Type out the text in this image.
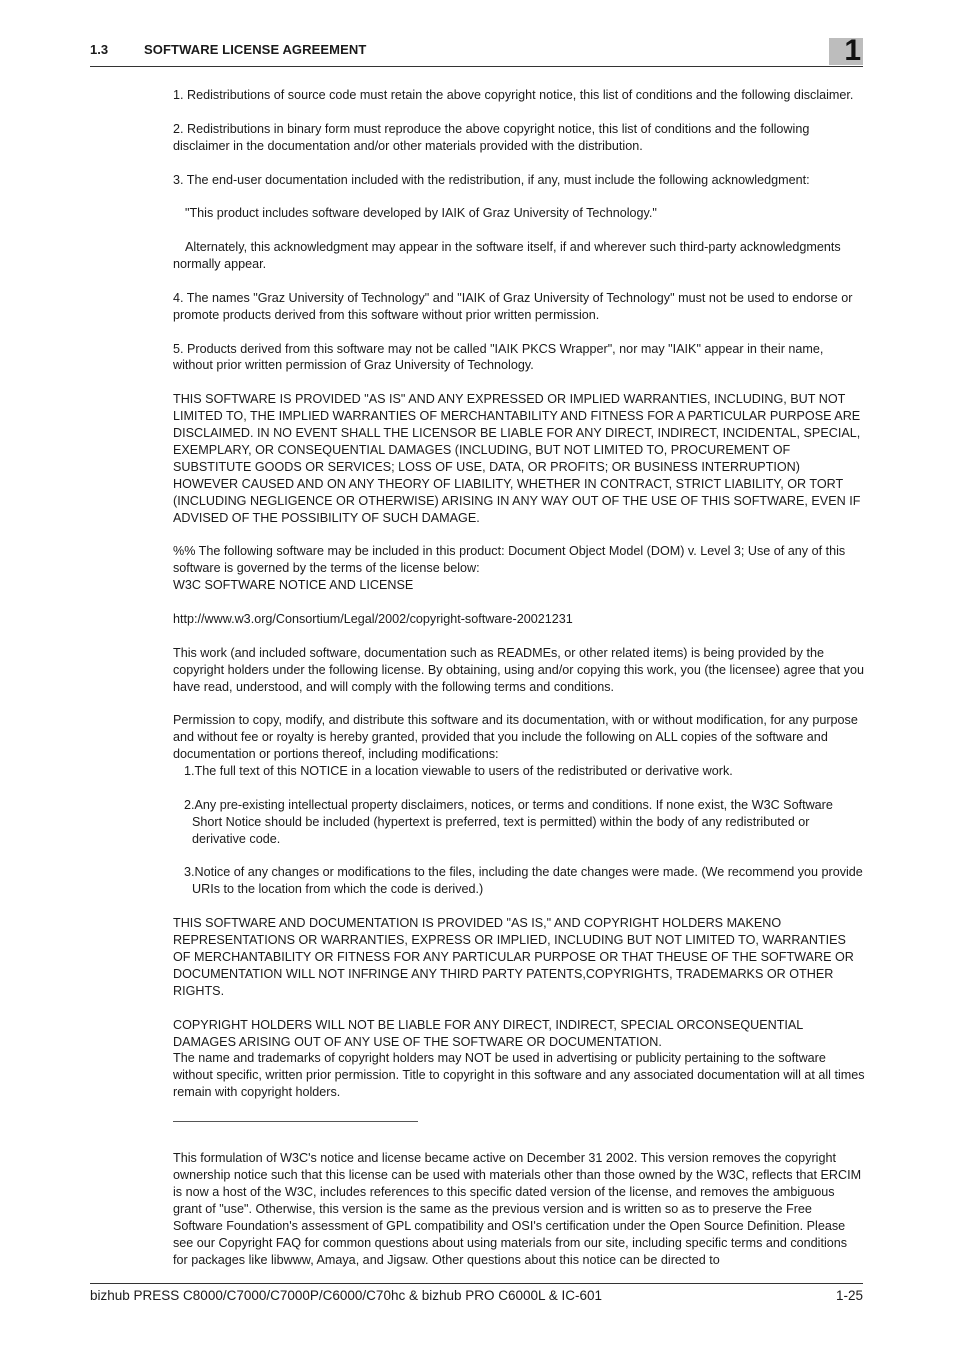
1.3	SOFTWARE LICENSE AGREEMENT	1

1. Redistributions of source code must retain the above copyright notice, this list of conditions and the following disclaimer.

2. Redistributions in binary form must reproduce the above copyright notice, this list of conditions and the following disclaimer in the documentation and/or other materials provided with the distribution.

3. The end-user documentation included with the redistribution, if any, must include the following acknowledgment:

"This product includes software developed by IAIK of Graz University of Technology."

Alternately, this acknowledgment may appear in the software itself, if and wherever such third-party acknowledgments normally appear.

4. The names "Graz University of Technology" and "IAIK of Graz University of Technology" must not be used to endorse or promote products derived from this software without prior written permission.

5. Products derived from this software may not be called "IAIK PKCS Wrapper", nor may "IAIK" appear in their name, without prior written permission of Graz University of Technology.

THIS SOFTWARE IS PROVIDED "AS IS" AND ANY EXPRESSED OR IMPLIED WARRANTIES, INCLUDING, BUT NOT LIMITED TO, THE IMPLIED WARRANTIES OF MERCHANTABILITY AND FITNESS FOR A PARTICULAR PURPOSE ARE DISCLAIMED. IN NO EVENT SHALL THE LICENSOR BE LIABLE FOR ANY DIRECT, INDIRECT, INCIDENTAL, SPECIAL, EXEMPLARY, OR CONSEQUENTIAL DAMAGES (INCLUDING, BUT NOT LIMITED TO, PROCUREMENT OF SUBSTITUTE GOODS OR SERVICES; LOSS OF USE, DATA, OR PROFITS; OR BUSINESS INTERRUPTION) HOWEVER CAUSED AND ON ANY THEORY OF LIABILITY, WHETHER IN CONTRACT, STRICT LIABILITY, OR TORT (INCLUDING NEGLIGENCE OR OTHERWISE) ARISING IN ANY WAY OUT OF THE USE OF THIS SOFTWARE, EVEN IF ADVISED OF THE POSSIBILITY OF SUCH DAMAGE.

%% The following software may be included in this product: Document Object Model (DOM) v. Level 3; Use of any of this software is governed by the terms of the license below:

W3C SOFTWARE NOTICE AND LICENSE

http://www.w3.org/Consortium/Legal/2002/copyright-software-20021231

This work (and included software, documentation such as READMEs, or other related items) is being provided by the copyright holders under the following license. By obtaining, using and/or copying this work, you (the licensee) agree that you have read, understood, and will comply with the following terms and conditions.

Permission to copy, modify, and distribute this software and its documentation, with or without modification, for any purpose and without fee or royalty is hereby granted, provided that you include the following on ALL copies of the software and documentation or portions thereof, including modifications:

1.The full text of this NOTICE in a location viewable to users of the redistributed or derivative work.

2.Any pre-existing intellectual property disclaimers, notices, or terms and conditions. If none exist, the W3C Software Short Notice should be included (hypertext is preferred, text is permitted) within the body of any redistributed or derivative code.

3.Notice of any changes or modifications to the files, including the date changes were made. (We recommend you provide URIs to the location from which the code is derived.)

THIS SOFTWARE AND DOCUMENTATION IS PROVIDED "AS IS," AND COPYRIGHT HOLDERS MAKENO REPRESENTATIONS OR WARRANTIES, EXPRESS OR IMPLIED, INCLUDING BUT NOT LIMITED TO, WARRANTIES OF MERCHANTABILITY OR FITNESS FOR ANY PARTICULAR PURPOSE OR THAT THEUSE OF THE SOFTWARE OR DOCUMENTATION WILL NOT INFRINGE ANY THIRD PARTY PATENTS,COPYRIGHTS, TRADEMARKS OR OTHER RIGHTS.

COPYRIGHT HOLDERS WILL NOT BE LIABLE FOR ANY DIRECT, INDIRECT, SPECIAL ORCONSEQUENTIAL DAMAGES ARISING OUT OF ANY USE OF THE SOFTWARE OR DOCUMENTATION.

The name and trademarks of copyright holders may NOT be used in advertising or publicity pertaining to the software without specific, written prior permission. Title to copyright in this software and any associated documentation will at all times remain with copyright holders.

This formulation of W3C's notice and license became active on December 31 2002. This version removes the copyright ownership notice such that this license can be used with materials other than those owned by the W3C, reflects that ERCIM is now a host of the W3C, includes references to this specific dated version of the license, and removes the ambiguous grant of "use". Otherwise, this version is the same as the previous version and is written so as to preserve the Free Software Foundation's assessment of GPL compatibility and OSI's certification under the Open Source Definition. Please see our Copyright FAQ for common questions about using materials from our site, including specific terms and conditions for packages like libwww, Amaya, and Jigsaw. Other questions about this notice can be directed to

bizhub PRESS C8000/C7000/C7000P/C6000/C70hc & bizhub PRO C6000L & IC-601	1-25
